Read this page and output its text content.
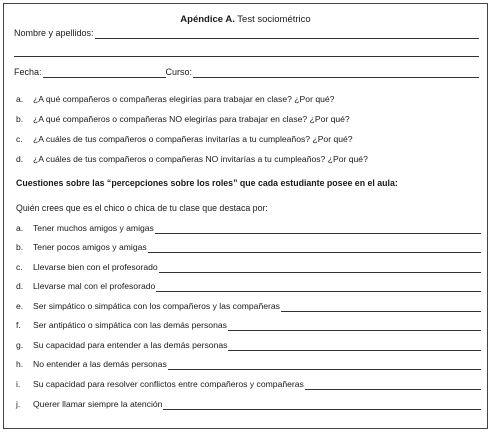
Apéndice A. Test sociométrico
Nombre y apellidos:
Fecha:	Curso:
a. ¿A qué compañeros o compañeras elegirías para trabajar en clase? ¿Por qué?
b. ¿A qué compañeros o compañeras NO elegirías para trabajar en clase? ¿Por qué?
c. ¿A cuáles de tus compañeros o compañeras invitarías a tu cumpleaños? ¿Por qué?
d. ¿A cuáles de tus compañeros o compañeras NO invitarías a tu cumpleaños? ¿Por qué?
Cuestiones sobre las “percepciones sobre los roles” que cada estudiante posee en el aula:
Quién crees que es el chico o chica de tu clase que destaca por:
a.	Tener muchos amigos y amigas
b.	Tener pocos amigos y amigas
c.	Llevarse bien con el profesorado
d.	Llevarse mal con el profesorado
e.	Ser simpático o simpática con los compañeros y las compañeras
f.	Ser antipático o simpática con las demás personas
g.	Su capacidad para entender a las demás personas
h.	No entender a las demás personas
i.	Su capacidad para resolver conflictos entre compañeros y compañeras
j.	Querer llamar siempre la atención
